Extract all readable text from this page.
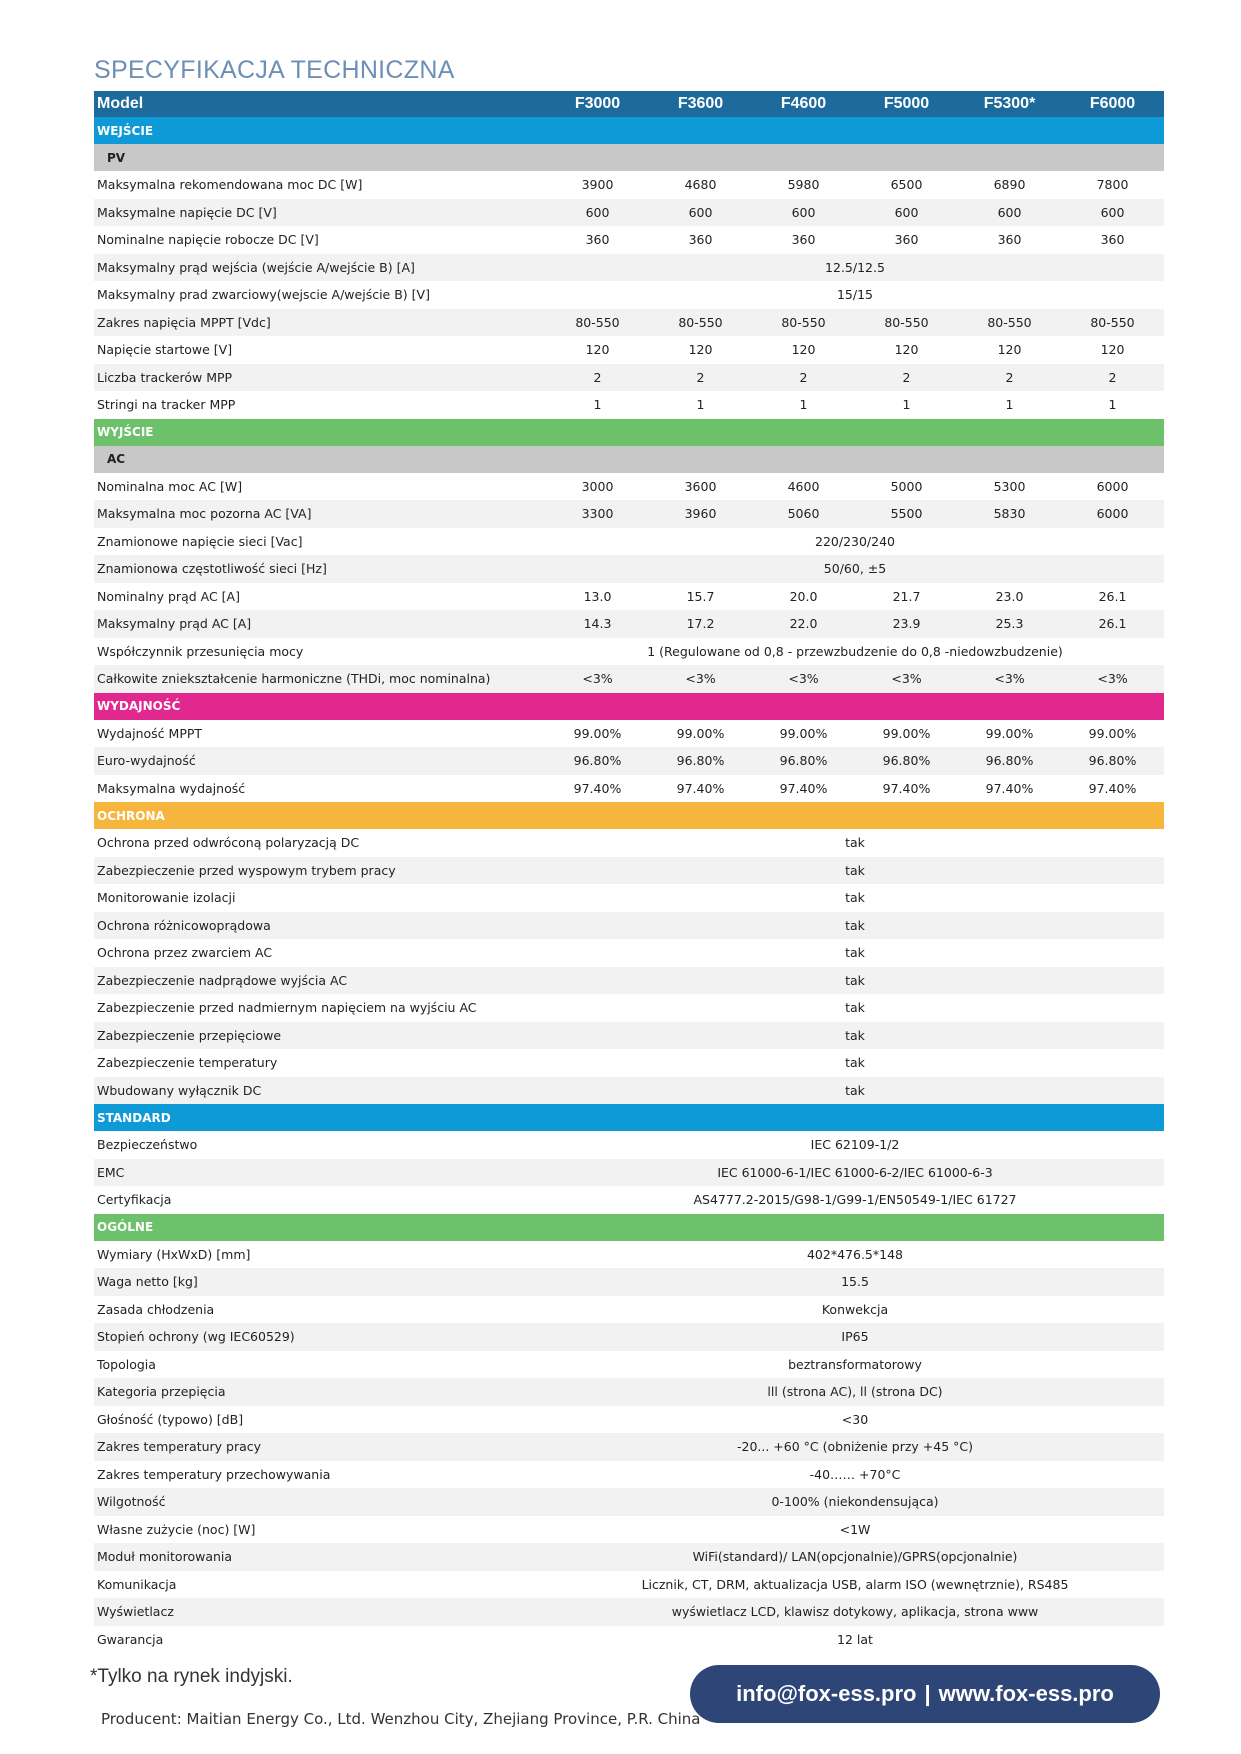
SPECYFIKACJA TECHNICZNA
Model	F3000	F3600	F4600	F5000	F5300*	F6000
WEJŚCIE						
PV						
Maksymalna rekomendowana moc DC [W]	3900	4680	5980	6500	6890	7800
Maksymalne napięcie DC [V]	600	600	600	600	600	600
Nominalne napięcie robocze DC [V]	360	360	360	360	360	360
Maksymalny prąd wejścia (wejście A/wejście B) [A]	12.5/12.5					
Maksymalny prad zwarciowy(wejscie A/wejście B) [V]	15/15					
Zakres napięcia MPPT [Vdc]	80-550	80-550	80-550	80-550	80-550	80-550
Napięcie startowe [V]	120	120	120	120	120	120
Liczba trackerów MPP	2	2	2	2	2	2
Stringi na tracker MPP	1	1	1	1	1	1
WYJŚCIE						
AC						
Nominalna moc AC [W]	3000	3600	4600	5000	5300	6000
Maksymalna moc pozorna AC [VA]	3300	3960	5060	5500	5830	6000
Znamionowe napięcie sieci [Vac]	220/230/240					
Znamionowa częstotliwość sieci [Hz]	50/60, ±5					
Nominalny prąd AC [A]	13.0	15.7	20.0	21.7	23.0	26.1
Maksymalny prąd AC [A]	14.3	17.2	22.0	23.9	25.3	26.1
Współczynnik przesunięcia mocy	1 (Regulowane od 0,8 - przewzbudzenie do 0,8 -niedowzbudzenie)					
Całkowite zniekształcenie harmoniczne (THDi, moc nominalna)	<3%	<3%	<3%	<3%	<3%	<3%
WYDAJNOŚĆ						
Wydajność MPPT	99.00%	99.00%	99.00%	99.00%	99.00%	99.00%
Euro-wydajność	96.80%	96.80%	96.80%	96.80%	96.80%	96.80%
Maksymalna wydajność	97.40%	97.40%	97.40%	97.40%	97.40%	97.40%
OCHRONA						
Ochrona przed odwróconą polaryzacją DC	tak					
Zabezpieczenie przed wyspowym trybem pracy	tak					
Monitorowanie izolacji	tak					
Ochrona różnicowoprądowa	tak					
Ochrona przez zwarciem AC	tak					
Zabezpieczenie nadprądowe wyjścia AC	tak					
Zabezpieczenie przed nadmiernym napięciem na wyjściu AC	tak					
Zabezpieczenie przepięciowe	tak					
Zabezpieczenie temperatury	tak					
Wbudowany wyłącznik DC	tak					
STANDARD						
Bezpieczeństwo	IEC 62109-1/2					
EMC	IEC 61000-6-1/IEC 61000-6-2/IEC 61000-6-3					
Certyfikacja	AS4777.2-2015/G98-1/G99-1/EN50549-1/IEC 61727					
OGÓLNE						
Wymiary (HxWxD) [mm]	402*476.5*148					
Waga netto [kg]	15.5					
Zasada chłodzenia	Konwekcja					
Stopień ochrony (wg IEC60529)	IP65					
Topologia	beztransformatorowy					
Kategoria przepięcia	lll (strona AC), ll (strona DC)					
Głośność (typowo) [dB]	<30					
Zakres temperatury pracy	-20... +60 °C (obniżenie przy +45 °C)					
Zakres temperatury przechowywania	-40…… +70°C					
Wilgotność	0-100% (niekondensująca)					
Własne zużycie (noc) [W]	<1W					
Moduł monitorowania	WiFi(standard)/ LAN(opcjonalnie)/GPRS(opcjonalnie)					
Komunikacja	Licznik, CT, DRM, aktualizacja USB, alarm ISO (wewnętrznie), RS485					
Wyświetlacz	wyświetlacz LCD, klawisz dotykowy, aplikacja, strona www					
Gwarancja	12 lat					
*Tylko na rynek indyjski.
Producent: Maitian Energy Co., Ltd. Wenzhou City, Zhejiang Province, P.R. China
info@fox-ess.pro | www.fox-ess.pro
